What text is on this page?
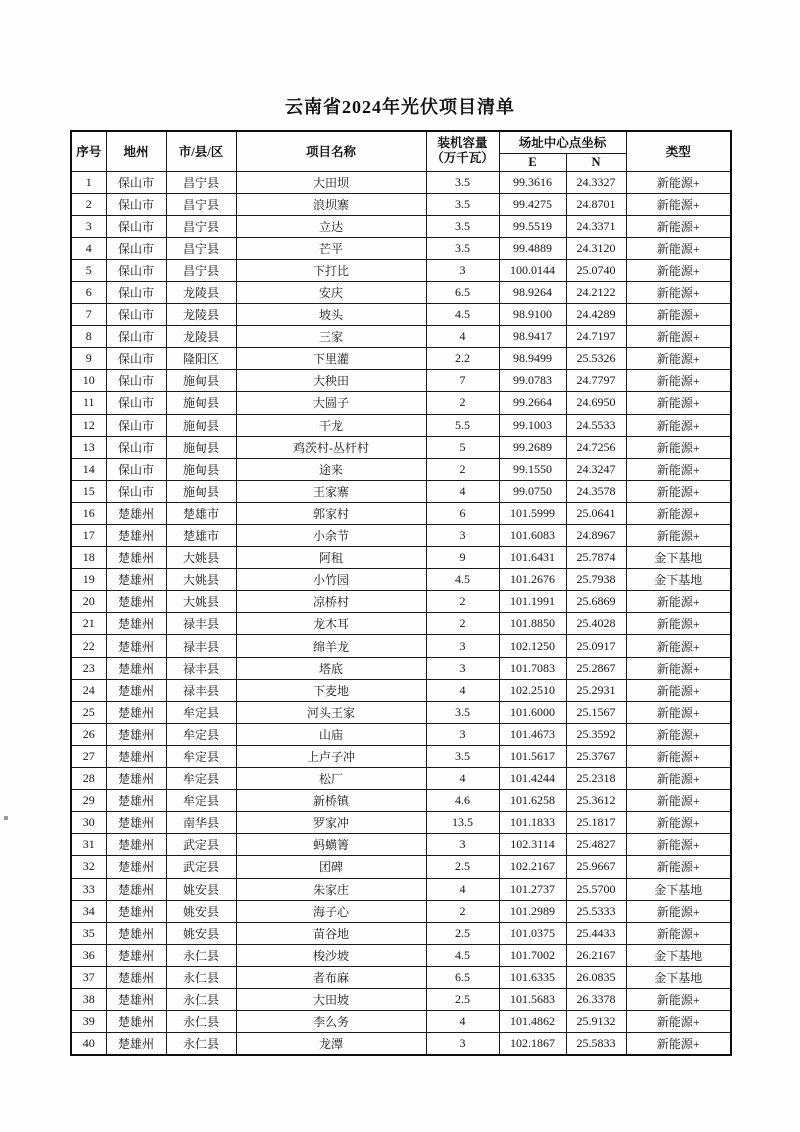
云南省2024年光伏项目清单
序号	地州	市/县/区	项目名称	装机容量
（万千瓦）	场址中心点坐标		类型
					E	N	
1	保山市	昌宁县	大田坝	3.5	99.3616	24.3327	新能源+
2	保山市	昌宁县	浪坝寨	3.5	99.4275	24.8701	新能源+
3	保山市	昌宁县	立达	3.5	99.5519	24.3371	新能源+
4	保山市	昌宁县	芒平	3.5	99.4889	24.3120	新能源+
5	保山市	昌宁县	下打比	3	100.0144	25.0740	新能源+
6	保山市	龙陵县	安庆	6.5	98.9264	24.2122	新能源+
7	保山市	龙陵县	坡头	4.5	98.9100	24.4289	新能源+
8	保山市	龙陵县	三家	4	98.9417	24.7197	新能源+
9	保山市	隆阳区	下里灌	2.2	98.9499	25.5326	新能源+
10	保山市	施甸县	大秧田	7	99.0783	24.7797	新能源+
11	保山市	施甸县	大圆子	2	99.2664	24.6950	新能源+
12	保山市	施甸县	干龙	5.5	99.1003	24.5533	新能源+
13	保山市	施甸县	鸡茨村-丛杆村	5	99.2689	24.7256	新能源+
14	保山市	施甸县	途来	2	99.1550	24.3247	新能源+
15	保山市	施甸县	王家寨	4	99.0750	24.3578	新能源+
16	楚雄州	楚雄市	郭家村	6	101.5999	25.0641	新能源+
17	楚雄州	楚雄市	小余节	3	101.6083	24.8967	新能源+
18	楚雄州	大姚县	阿租	9	101.6431	25.7874	金下基地
19	楚雄州	大姚县	小竹园	4.5	101.2676	25.7938	金下基地
20	楚雄州	大姚县	凉桥村	2	101.1991	25.6869	新能源+
21	楚雄州	禄丰县	龙木耳	2	101.8850	25.4028	新能源+
22	楚雄州	禄丰县	绵羊龙	3	102.1250	25.0917	新能源+
23	楚雄州	禄丰县	塔底	3	101.7083	25.2867	新能源+
24	楚雄州	禄丰县	下麦地	4	102.2510	25.2931	新能源+
25	楚雄州	牟定县	河头王家	3.5	101.6000	25.1567	新能源+
26	楚雄州	牟定县	山庙	3	101.4673	25.3592	新能源+
27	楚雄州	牟定县	上卢子冲	3.5	101.5617	25.3767	新能源+
28	楚雄州	牟定县	松厂	4	101.4244	25.2318	新能源+
29	楚雄州	牟定县	新桥镇	4.6	101.6258	25.3612	新能源+
30	楚雄州	南华县	罗家冲	13.5	101.1833	25.1817	新能源+
31	楚雄州	武定县	蚂蟥箐	3	102.3114	25.4827	新能源+
32	楚雄州	武定县	团碑	2.5	102.2167	25.9667	新能源+
33	楚雄州	姚安县	朱家庄	4	101.2737	25.5700	金下基地
34	楚雄州	姚安县	海子心	2	101.2989	25.5333	新能源+
35	楚雄州	姚安县	苗谷地	2.5	101.0375	25.4433	新能源+
36	楚雄州	永仁县	梭沙坡	4.5	101.7002	26.2167	金下基地
37	楚雄州	永仁县	者布麻	6.5	101.6335	26.0835	金下基地
38	楚雄州	永仁县	大田坡	2.5	101.5683	26.3378	新能源+
39	楚雄州	永仁县	李么务	4	101.4862	25.9132	新能源+
40	楚雄州	永仁县	龙潭	3	102.1867	25.5833	新能源+
